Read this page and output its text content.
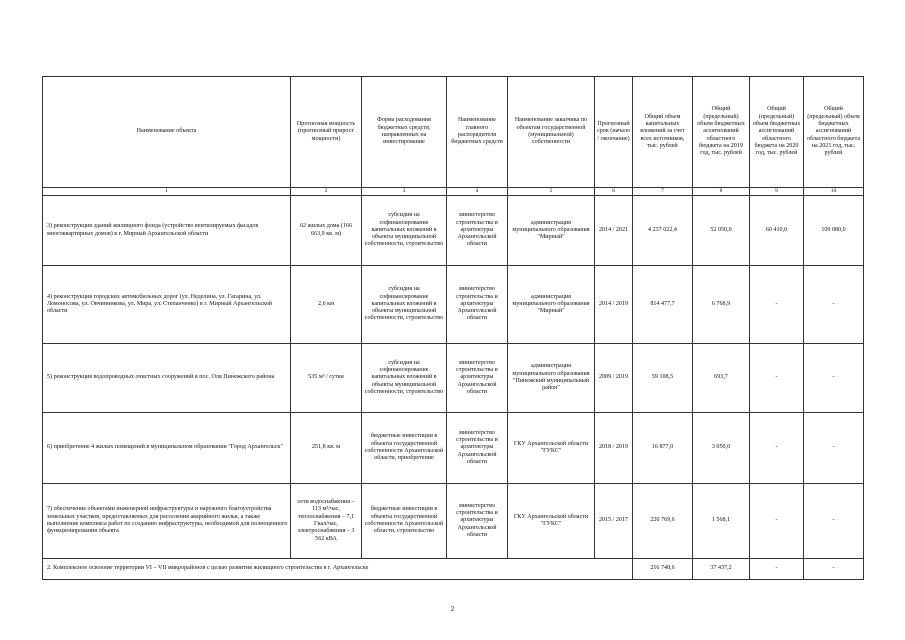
Наименование объекта	Прогнозная мощность (прогнозный прирост мощности)	Форма расходования бюджетных средств, направленных на инвестирование	Наименование главного распорядителя бюджетных средств	Наименование заказчика по объектам государственной (муниципальной) собственности	Прогнозный срок (начало / окончание)	Общий объем капитальных вложений за счет всех источников, тыс. рублей	Общий (предельный) объем бюджетных ассигнований областного бюджета на 2019 год, тыс. рублей	Общий (предельный) объем бюджетных ассигнований областного бюджета на 2020 год, тыс. рублей	Общий (предельный) объем бюджетных ассигнований областного бюджета на 2021 год, тыс. рублей
1	2	3	4	5	6	7	8	9	10
3) реконструкция зданий жилищного фонда (устройство вентилируемых фасадов многоквартирных домов) в г. Мирный Архангельской области	62 жилых дома (166 663,9 кв. м)	субсидия на софинансирование капитальных вложений в объекты муниципальной собственности, строительство	министерство строительства и архитектуры Архангельской области	администрация муниципального образования "Мирный"	2014 / 2021	4 237 022,4	52 050,0	60 410,0	109 080,0
4) реконструкция городских автомобильных дорог (ул. Неделина, ул. Гагарина, ул. Ломоносова, ул. Овчинникова, ул. Мира, ул. Степанченко) в г. Мирный Архангельской области	2,6 км	субсидия на софинансирование капитальных вложений в объекты муниципальной собственности, строительство	министерство строительства и архитектуры Архангельской области	администрация муниципального образования "Мирный"	2014 / 2019	814 477,7	6 768,9	-	-
5) реконструкция водопроводных очистных сооружений в пос. Оля Пинежского района	535 м³ / сутки	субсидия на софинансирование капитальных вложений в объекты муниципальной собственности, строительство	министерство строительства и архитектуры Архангельской области	администрация муниципального образования "Пинежский муниципальный район"	2009 / 2019	59 108,5	693,7	-	-
6) приобретение 4 жилых помещений в муниципальном образовании "Город Архангельск"	251,8 кв. м	бюджетные инвестиции в объекты государственной собственности Архангельской области, приобретение	министерство строительства и архитектуры Архангельской области	ГКУ Архангельской области "ГУКС"	2018 / 2019	16 877,0	3 050,0	-	-
7) обеспечение объектами инженерной инфраструктуры и наружного благоустройства земельных участков, предоставляемых для расселения аварийного жилья, а также выполнение комплекса работ по созданию инфраструктуры, необходимой для полноценного функционирования объекта	сети водоснабжения – 113 м³/час, теплоснабжения – 7,1 Гкал/час, электроснабжения – 3 562 кВА	бюджетные инвестиции в объекты государственной собственности Архангельской области, строительство	министерство строительства и архитектуры Архангельской области	ГКУ Архангельской области "ГУКС"	2015 / 2017	220 769,6	1 568,1	-	-
2. Комплексное освоение территории VI – VII микрорайонов с целью развития жилищного строительства в г. Архангельске						216 748,6	37 437,2	-	-
2
